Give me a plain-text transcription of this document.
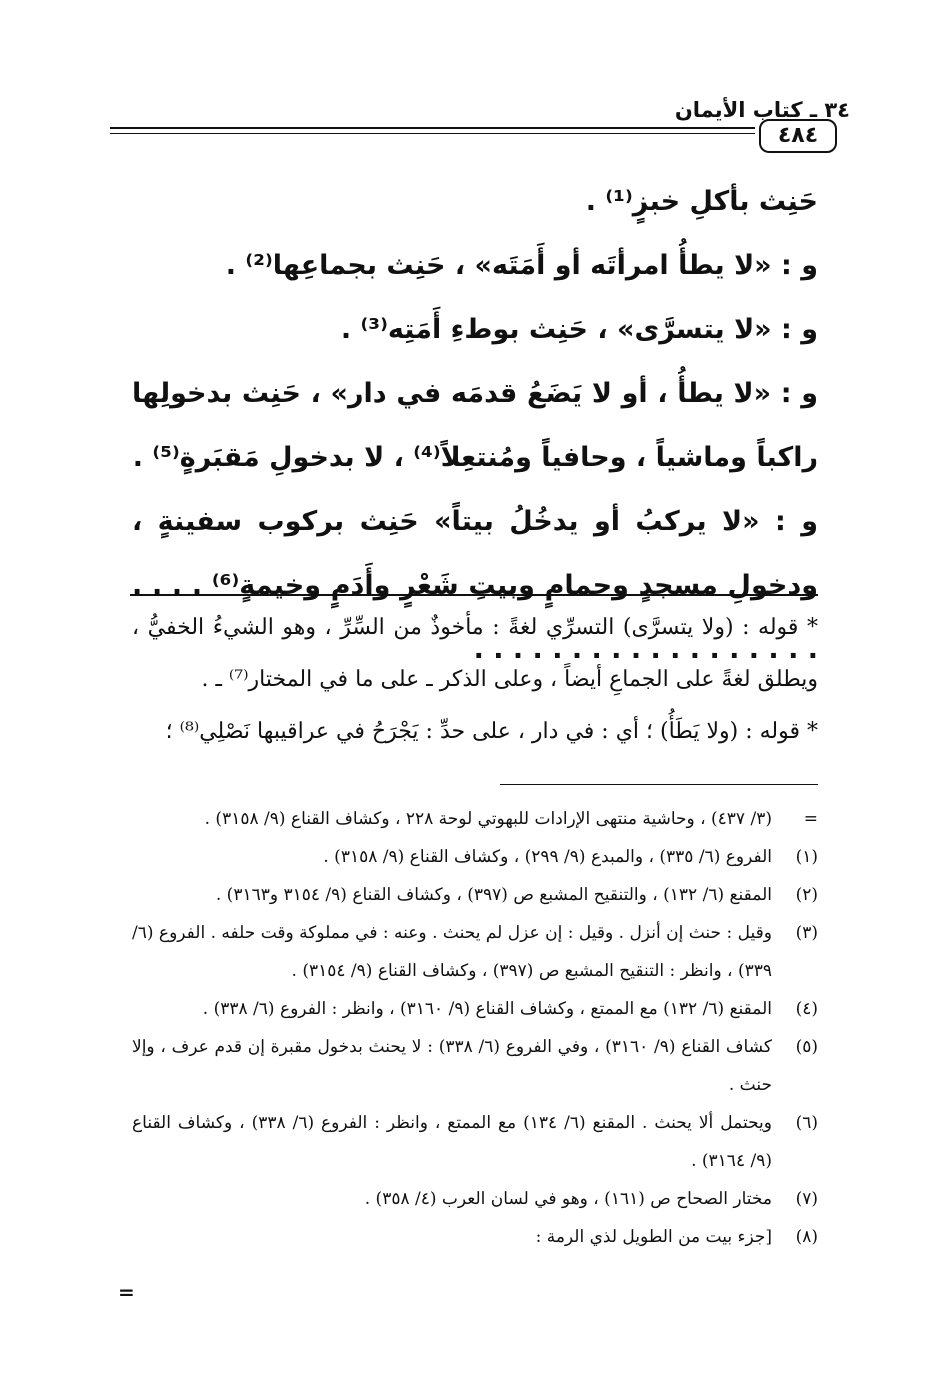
٣٤ ـ كتاب الأيمان
٤٨٤

حَنِث بأكلِ خبزٍ⁽¹⁾ .

و : «لا يطأُ امرأتَه أو أَمَتَه» ، حَنِث بجماعِها⁽²⁾ .

و : «لا يتسرَّى» ، حَنِث بوطءِ أَمَتِه⁽³⁾ .

و : «لا يطأُ ، أو لا يَضَعُ قدمَه في دار» ، حَنِث بدخولِها راكباً وماشياً ، وحافياً ومُنتعِلاً⁽⁴⁾ ، لا بدخولِ مَقبَرةٍ⁽⁵⁾ .

و : «لا يركبُ أو يدخُلُ بيتاً» حَنِث بركوب سفينةٍ ، ودخولِ مسجدٍ وحمامٍ وبيتِ شَعْرٍ وأَدَمٍ وخيمةٍ⁽⁶⁾ . . . . . . . . . . . . . . . . . . . . . .

* قوله : (ولا يتسرَّى) التسرِّي لغةً : مأخوذٌ من السِّرِّ ، وهو الشيءُ الخفيُّ ، ويطلق لغةً على الجماعِ أيضاً ، وعلى الذكر ـ على ما في المختار⁽⁷⁾ ـ .

* قوله : (ولا يَطَأُ) ؛ أي : في دار ، على حدِّ : يَجْرَحُ في عراقيبها نَصْلِي⁽⁸⁾ ؛

=
(٣/ ٤٣٧) ، وحاشية منتهى الإرادات للبهوتي لوحة ٢٢٨ ، وكشاف القناع (٩/ ٣١٥٨) .
(١)
الفروع (٦/ ٣٣٥) ، والمبدع (٩/ ٢٩٩) ، وكشاف القناع (٩/ ٣١٥٨) .
(٢)
المقنع (٦/ ١٣٢) ، والتنقيح المشبع ص (٣٩٧) ، وكشاف القناع (٩/ ٣١٥٤ و٣١٦٣) .
(٣)
وقيل : حنث إن أنزل . وقيل : إن عزل لم يحنث . وعنه : في مملوكة وقت حلفه . الفروع (٦/ ٣٣٩) ، وانظر : التنقيح المشبع ص (٣٩٧) ، وكشاف القناع (٩/ ٣١٥٤) .
(٤)
المقنع (٦/ ١٣٢) مع الممتع ، وكشاف القناع (٩/ ٣١٦٠) ، وانظر : الفروع (٦/ ٣٣٨) .
(٥)
كشاف القناع (٩/ ٣١٦٠) ، وفي الفروع (٦/ ٣٣٨) : لا يحنث بدخول مقبرة إن قدم عرف ، وإلا حنث .
(٦)
ويحتمل ألا يحنث . المقنع (٦/ ١٣٤) مع الممتع ، وانظر : الفروع (٦/ ٣٣٨) ، وكشاف القناع (٩/ ٣١٦٤) .
(٧)
مختار الصحاح ص (١٦١) ، وهو في لسان العرب (٤/ ٣٥٨) .
(٨)
[جزء بيت من الطويل لذي الرمة :
=
